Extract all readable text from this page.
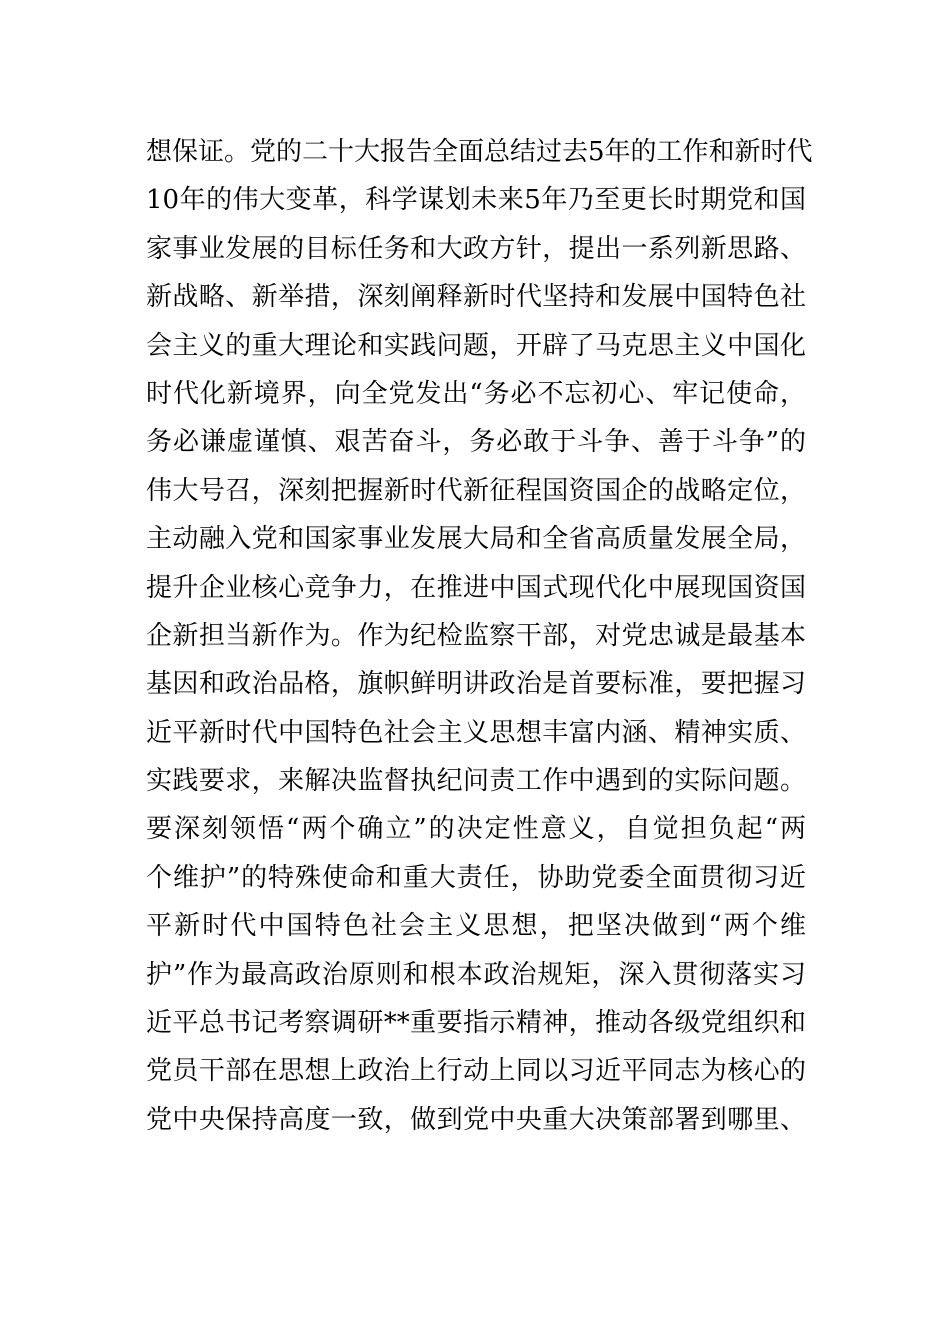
想保证。党的二十大报告全面总结过去5年的工作和新时代
10年的伟大变革，科学谋划未来5年乃至更长时期党和国
家事业发展的目标任务和大政方针，提出一系列新思路、
新战略、新举措，深刻阐释新时代坚持和发展中国特色社
会主义的重大理论和实践问题，开辟了马克思主义中国化
时代化新境界，向全党发出“务必不忘初心、牢记使命，
务必谦虚谨慎、艰苦奋斗，务必敢于斗争、善于斗争”的
伟大号召，深刻把握新时代新征程国资国企的战略定位，
主动融入党和国家事业发展大局和全省高质量发展全局，
提升企业核心竞争力，在推进中国式现代化中展现国资国
企新担当新作为。作为纪检监察干部，对党忠诚是最基本
基因和政治品格，旗帜鲜明讲政治是首要标准，要把握习
近平新时代中国特色社会主义思想丰富内涵、精神实质、
实践要求，来解决监督执纪问责工作中遇到的实际问题。
要深刻领悟“两个确立”的决定性意义，自觉担负起“两
个维护”的特殊使命和重大责任，协助党委全面贯彻习近
平新时代中国特色社会主义思想，把坚决做到“两个维
护”作为最高政治原则和根本政治规矩，深入贯彻落实习
近平总书记考察调研**重要指示精神，推动各级党组织和
党员干部在思想上政治上行动上同以习近平同志为核心的
党中央保持高度一致，做到党中央重大决策部署到哪里、
